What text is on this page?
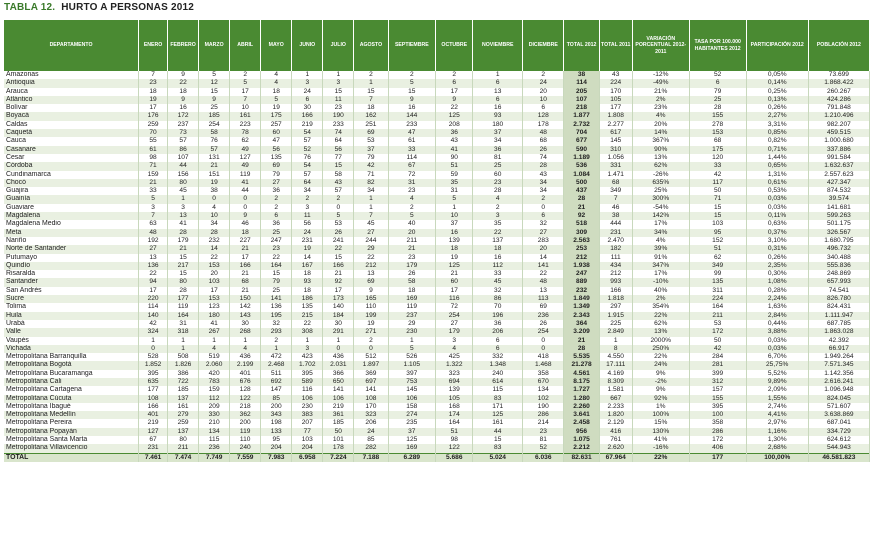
TABLA 12. HURTO A PERSONAS 2012
DEPARTAMENTO	ENERO	FEBRERO	MARZO	ABRIL	MAYO	JUNIO	JULIO	AGOSTO	SEPTIEMBRE	OCTUBRE	NOVIEMBRE	DICIEMBRE	TOTAL 2012	TOTAL 2011	VARIACIÓN PORCENTUAL 2012-2011	TASA POR 100.000 HABITANTES 2012	PARTICIPACIÓN 2012	POBLACIÓN 2012
Amazonas	7	9	5	2	4	1	1	2	2	2	1	2	38	43	-12%	52	0,05%	73.699
Antioquia	23	22	12	5	4	3	3	1	5	6	6	24	114	224	-49%	6	0,14%	1.868.422
Arauca	18	18	15	17	18	24	15	15	15	17	13	20	205	170	21%	79	0,25%	260.267
Atlántico	19	9	9	7	5	6	11	7	9	9	6	10	107	105	2%	25	0,13%	424.286
Bolívar	17	16	25	10	19	30	23	18	16	22	16	6	218	177	23%	28	0,26%	791.848
Boyacá	176	172	185	161	175	166	190	162	144	125	93	128	1.877	1.808	4%	155	2,27%	1.210.496
Caldas	259	237	254	223	257	219	233	251	233	208	180	178	2.732	2.277	20%	278	3,31%	982.207
Caquetá	70	73	58	78	60	54	74	69	47	36	37	48	704	617	14%	153	0,85%	459.515
Cauca	55	57	76	62	47	57	64	53	61	43	34	68	677	145	367%	68	0,82%	1.000.680
Casanare	61	86	57	49	56	52	56	37	33	41	36	26	590	310	90%	175	0,71%	337.886
Cesar	98	107	131	127	135	76	77	79	114	90	81	74	1.189	1.056	13%	120	1,44%	991.584
Córdoba	71	44	21	49	69	54	15	42	67	51	25	28	536	331	62%	33	0,65%	1.632.637
Cundinamarca	159	156	151	119	79	57	58	71	72	59	60	43	1.084	1.471	-26%	42	1,31%	2.557.623
Chocó	21	80	19	41	27	64	43	82	31	35	23	34	500	68	635%	117	0,61%	427.347
Guajira	33	45	38	44	36	34	57	34	23	31	28	34	437	349	25%	50	0,53%	874.532
Guainía	5	1	0	0	2	2	2	1	4	5	4	2	28	7	300%	71	0,03%	39.574
Guaviare	3	3	4	0	2	3	0	1	2	1	2	0	21	46	-54%	15	0,03%	141.681
Magdalena	7	13	10	9	6	11	5	7	5	10	3	6	92	38	142%	15	0,11%	599.263
Magdalena Medio	63	41	34	46	36	56	53	45	40	37	35	32	518	444	17%	103	0,63%	501.175
Meta	48	28	28	18	25	24	26	27	20	16	22	27	309	231	34%	95	0,37%	326.567
Nariño	192	179	232	227	247	231	241	244	211	139	137	283	2.563	2.470	4%	152	3,10%	1.680.795
Norte de Santander	27	21	14	21	23	19	22	29	21	18	18	20	253	182	39%	51	0,31%	496.732
Putumayo	13	15	22	17	22	14	15	22	23	19	16	14	212	111	91%	62	0,26%	340.488
Quindío	136	217	153	166	164	167	166	212	179	125	112	141	1.938	434	347%	349	2,35%	555.836
Risaralda	22	15	20	21	15	18	21	13	26	21	33	22	247	212	17%	99	0,30%	248.869
Santander	94	80	103	68	79	93	92	69	58	60	45	48	889	993	-10%	135	1,08%	657.993
San Andrés	17	28	17	21	25	18	17	9	18	17	32	13	232	166	40%	311	0,28%	74.541
Sucre	220	177	153	150	141	186	173	165	169	116	86	113	1.849	1.818	2%	224	2,24%	826.780
Tolima	114	119	123	142	136	135	140	110	119	72	70	69	1.349	297	354%	164	1,63%	824.431
Huila	140	164	180	143	195	215	184	199	237	254	196	236	2.343	1.915	22%	211	2,84%	1.111.947
Urabá	42	31	41	30	32	22	30	19	29	27	36	26	364	225	62%	53	0,44%	687.785
Valle	324	318	267	268	293	308	291	271	230	179	206	254	3.209	2.849	13%	172	3,88%	1.863.028
Vaupés	1	1	1	1	2	1	1	2	1	3	6	0	21	1	2000%	50	0,03%	42.392
Vichada	0	1	4	4	1	3	0	0	5	4	6	0	28	8	250%	42	0,03%	66.917
Metropolitana Barranquilla	528	508	519	436	472	423	436	512	526	425	332	418	5.535	4.550	22%	284	6,70%	1.949.264
Metropolitana Bogotá	1.852	1.826	2.060	2.199	2.468	1.702	2.031	1.897	1.105	1.322	1.348	1.468	21.278	17.111	24%	281	25,75%	7.571.345
Metropolitana Bucaramanga	395	386	420	401	511	395	366	369	397	323	240	358	4.561	4.169	9%	399	5,52%	1.142.356
Metropolitana Cali	635	722	783	676	692	589	650	697	753	694	614	670	8.175	8.309	-2%	312	9,89%	2.616.241
Metropolitana Cartagena	177	185	159	128	147	116	141	141	145	139	115	134	1.727	1.581	9%	157	2,09%	1.096.948
Metropolitana Cúcuta	108	137	112	122	85	106	106	108	106	105	83	102	1.280	667	92%	155	1,55%	824.045
Metropolitana Ibagué	166	161	209	218	200	230	219	170	158	168	171	190	2.260	2.233	1%	395	2,74%	571.607
Metropolitana Medellín	401	279	330	362	343	383	361	323	274	174	125	286	3.641	1.820	100%	100	4,41%	3.638.869
Metropolitana Pereira	219	259	210	200	198	207	185	206	235	164	161	214	2.458	2.129	15%	358	2,97%	687.041
Metropolitana Popayán	127	137	134	119	133	77	50	24	37	51	44	23	956	416	130%	286	1,16%	334.729
Metropolitana Santa Marta	67	80	115	110	95	103	101	85	125	98	15	81	1.075	761	41%	172	1,30%	624.612
Metropolitana Villavicencio	231	211	236	240	204	204	178	282	169	122	83	52	2.212	2.620	-16%	406	2,68%	544.943
TOTAL	7.461	7.474	7.749	7.559	7.983	6.958	7.224	7.188	6.289	5.686	5.024	6.036	82.631	67.964	22%	177	100,00%	46.581.823
